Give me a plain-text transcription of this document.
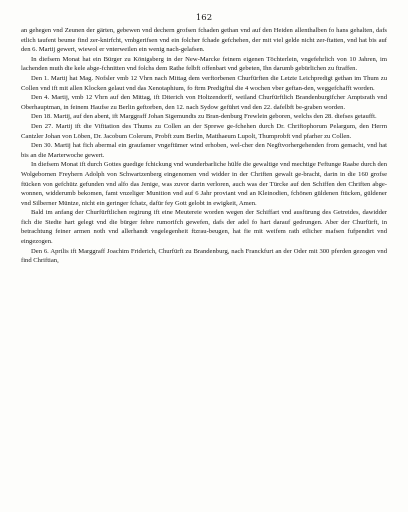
162

an gehegen vnd Zeunen der gärten, gebewen vnd dechern grofsen fchaden gethan vnd auf den Heiden allenthalben fo hans gehalten, dafs etlich taufent beume find zer-knirfcht, vmbgerifsen vnd ein folcher fchade gefchehen, der mit viel gelde nicht zer-ftatten, vnd hat bis auf den 6. Martij gewert, wiewol er vnterweilen ein wenig nach-gelafsen.

In diefsem Monat hat ein Bürger zu Königsberg in der New-Marcke feinem eigenen Töchterlein, vngefehrlich von 10 Jahren, im lachenden muth die kele abge-fchnitten vnd folchs dem Rathe felbft offenbart vnd gebeten, Ihn darumb gebürlichen zu ftraffen.

Den 1. Martij hat Mag. Nofsler vmb 12 Vhrn nach Mittag dem verftorbenen Churfürften die Letzte Leichpredigt gethan im Thum zu Collen vnd ift mit allen Klocken gelaut vnd das Xenotaphium, fo ftrm Predigftul die 4 wochen vber geftan-den, weggefchafft worden.

Den 4. Martij, vmb 12 Vhrn auf den Mittag, ift Diterich von Holtzendorff, weiland Churfürftlich Brandenburgifcher Amptsrath vnd Oberhauptman, in feinem Haufse zu Berlin geftorben, den 12. nach Sydow geführt vnd den 22. dafelbft be-graben worden.

Den 18. Martij, auf den abent, ift Marggraff Johan Sigemundts zu Bran-denburg Frewlein geboren, welchs den 28. diefses getaufft.

Den 27. Martij ift die Vifitation des Thums zu Collen an der Sprewe ge-fchehen durch Dr. Chriftophorum Pelargum, den Herrn Cantzler Johan von Löben, Dr. Jacobum Colerum, Probft zum Berlin, Matthaeum Lupolt, Thumprobft vnd pfarher zu Collen.

Den 30. Martij hat fich abermal ein graufamer vngeftümer wind erhoben, wel-cher den Negftvorhergehenden from gemacht, vnd hat bis an die Marterwoche gewert.

In diefsem Monat ift durch Gottes guedige fchickung vnd wunderbarliche hülfe die gewaltige vnd mechtige Feftunge Raabe durch den Wolgebornen Freyhern Adolph von Schwartzenberg eingenomen vnd widder in der Chriften gewalt ge-bracht, darin in die 160 grofse ftücken von gefchütz gefunden vnd alfo das Jenige, was zuvor darin verloren, auch was der Türcke auf den Schiffen den Chriften abge-wonnen, widderumb bekomen, famt vnzeliger Munition vnd auf 6 Jahr proviant vnd an Kleinodien, fchönen güldenen ftücken, güldener vnd Silberner Müntze, nicht ein geringer fchatz, dafür fey Gott gelobt in ewigkeit, Amen.

Bald im anfang der Churfürftlichen regirung ift eine Meutereie worden wegen der Schiffart vnd ausfürung des Getreides, dawidder fich die Stedte hart gelegt vnd die bürger fehre rumorifch gewefen, dafs der adel fo hart darauf gedrungen. Aber der Churfürft, in betrachtung feiner armen noth vnd allerhandt vngelegenheit ftzrau-beugen, hat fie mit weifem rath etlicher mafsen fufpendirt vnd eingezogen.

Den 6. Aprilis ift Marggraff Joachim Friderich, Churfürft zu Brandenburg, nach Franckfurt an der Oder mit 300 pferden gezogen vnd find Chriftian,
